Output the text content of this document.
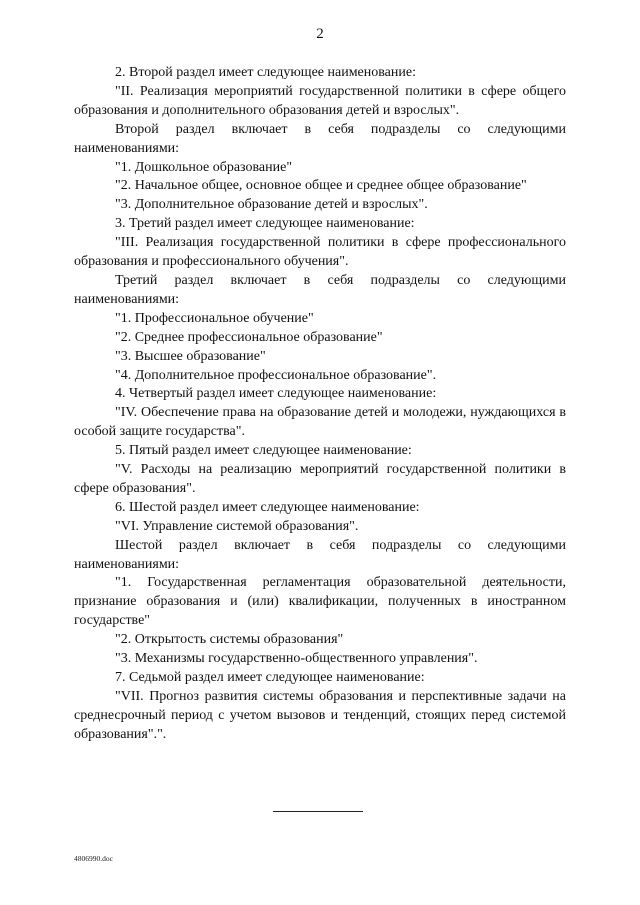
2

2. Второй раздел имеет следующее наименование:

"II. Реализация мероприятий государственной политики в сфере общего образования и дополнительного образования детей и взрослых".

Второй раздел включает в себя подразделы со следующими наименованиями:

"1. Дошкольное образование"

"2. Начальное общее, основное общее и среднее общее образование"

"3. Дополнительное образование детей и взрослых".

3. Третий раздел имеет следующее наименование:

"III. Реализация государственной политики в сфере профессионального образования и профессионального обучения".

Третий раздел включает в себя подразделы со следующими наименованиями:

"1. Профессиональное обучение"

"2. Среднее профессиональное образование"

"3. Высшее образование"

"4. Дополнительное профессиональное образование".

4. Четвертый раздел имеет следующее наименование:

"IV. Обеспечение права на образование детей и молодежи, нуждающихся в особой защите государства".

5. Пятый раздел имеет следующее наименование:

"V. Расходы на реализацию мероприятий государственной политики в сфере образования".

6. Шестой раздел имеет следующее наименование:

"VI. Управление системой образования".

Шестой раздел включает в себя подразделы со следующими наименованиями:

"1. Государственная регламентация образовательной деятельности, признание образования и (или) квалификации, полученных в иностранном государстве"

"2. Открытость системы образования"

"3. Механизмы государственно-общественного управления".

7. Седьмой раздел имеет следующее наименование:

"VII. Прогноз развития системы образования и перспективные задачи на среднесрочный период с учетом вызовов и тенденций, стоящих перед системой образования".".

4806990.doc
